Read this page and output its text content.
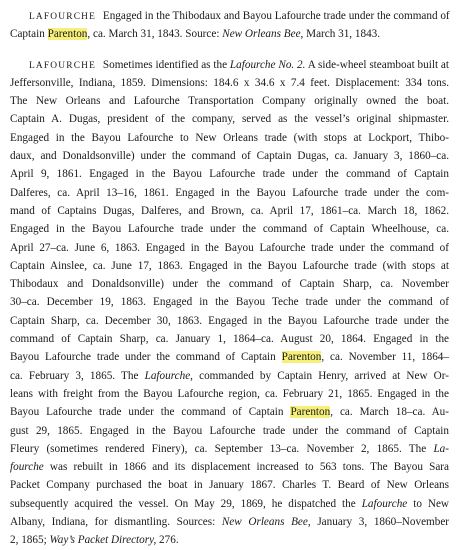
LAFOURCHE Engaged in the Thibodaux and Bayou Lafourche trade under the command of
Captain Parenton, ca. March 31, 1843. Source: New Orleans Bee, March 31, 1843.
LAFOURCHE Sometimes identified as the Lafourche No. 2. A side-wheel steamboat built at
Jeffersonville, Indiana, 1859. Dimensions: 184.6 x 34.6 x 7.4 feet. Displacement: 334 tons.
The New Orleans and Lafourche Transportation Company originally owned the boat.
Captain A. Dugas, president of the company, served as the vessel’s original shipmaster.
Engaged in the Bayou Lafourche to New Orleans trade (with stops at Lockport, Thibo-
daux, and Donaldsonville) under the command of Captain Dugas, ca. January 3, 1860–ca.
April 9, 1861. Engaged in the Bayou Lafourche trade under the command of Captain
Dalferes, ca. April 13–16, 1861. Engaged in the Bayou Lafourche trade under the com-
mand of Captains Dugas, Dalferes, and Brown, ca. April 17, 1861–ca. March 18, 1862.
Engaged in the Bayou Lafourche trade under the command of Captain Wheelhouse, ca.
April 27–ca. June 6, 1863. Engaged in the Bayou Lafourche trade under the command of
Captain Ainslee, ca. June 17, 1863. Engaged in the Bayou Lafourche trade (with stops at
Thibodaux and Donaldsonville) under the command of Captain Sharp, ca. November
30–ca. December 19, 1863. Engaged in the Bayou Teche trade under the command of
Captain Sharp, ca. December 30, 1863. Engaged in the Bayou Lafourche trade under the
command of Captain Sharp, ca. January 1, 1864–ca. August 20, 1864. Engaged in the
Bayou Lafourche trade under the command of Captain Parenton, ca. November 11, 1864–
ca. February 3, 1865. The Lafourche, commanded by Captain Henry, arrived at New Or-
leans with freight from the Bayou Lafourche region, ca. February 21, 1865. Engaged in the
Bayou Lafourche trade under the command of Captain Parenton, ca. March 18–ca. Au-
gust 29, 1865. Engaged in the Bayou Lafourche trade under the command of Captain
Fleury (sometimes rendered Finery), ca. September 13–ca. November 2, 1865. The La-
fourche was rebuilt in 1866 and its displacement increased to 563 tons. The Bayou Sara
Packet Company purchased the boat in January 1867. Charles T. Beard of New Orleans
subsequently acquired the vessel. On May 29, 1869, he dispatched the Lafourche to New
Albany, Indiana, for dismantling. Sources: New Orleans Bee, January 3, 1860–November
2, 1865; Way’s Packet Directory, 276.
